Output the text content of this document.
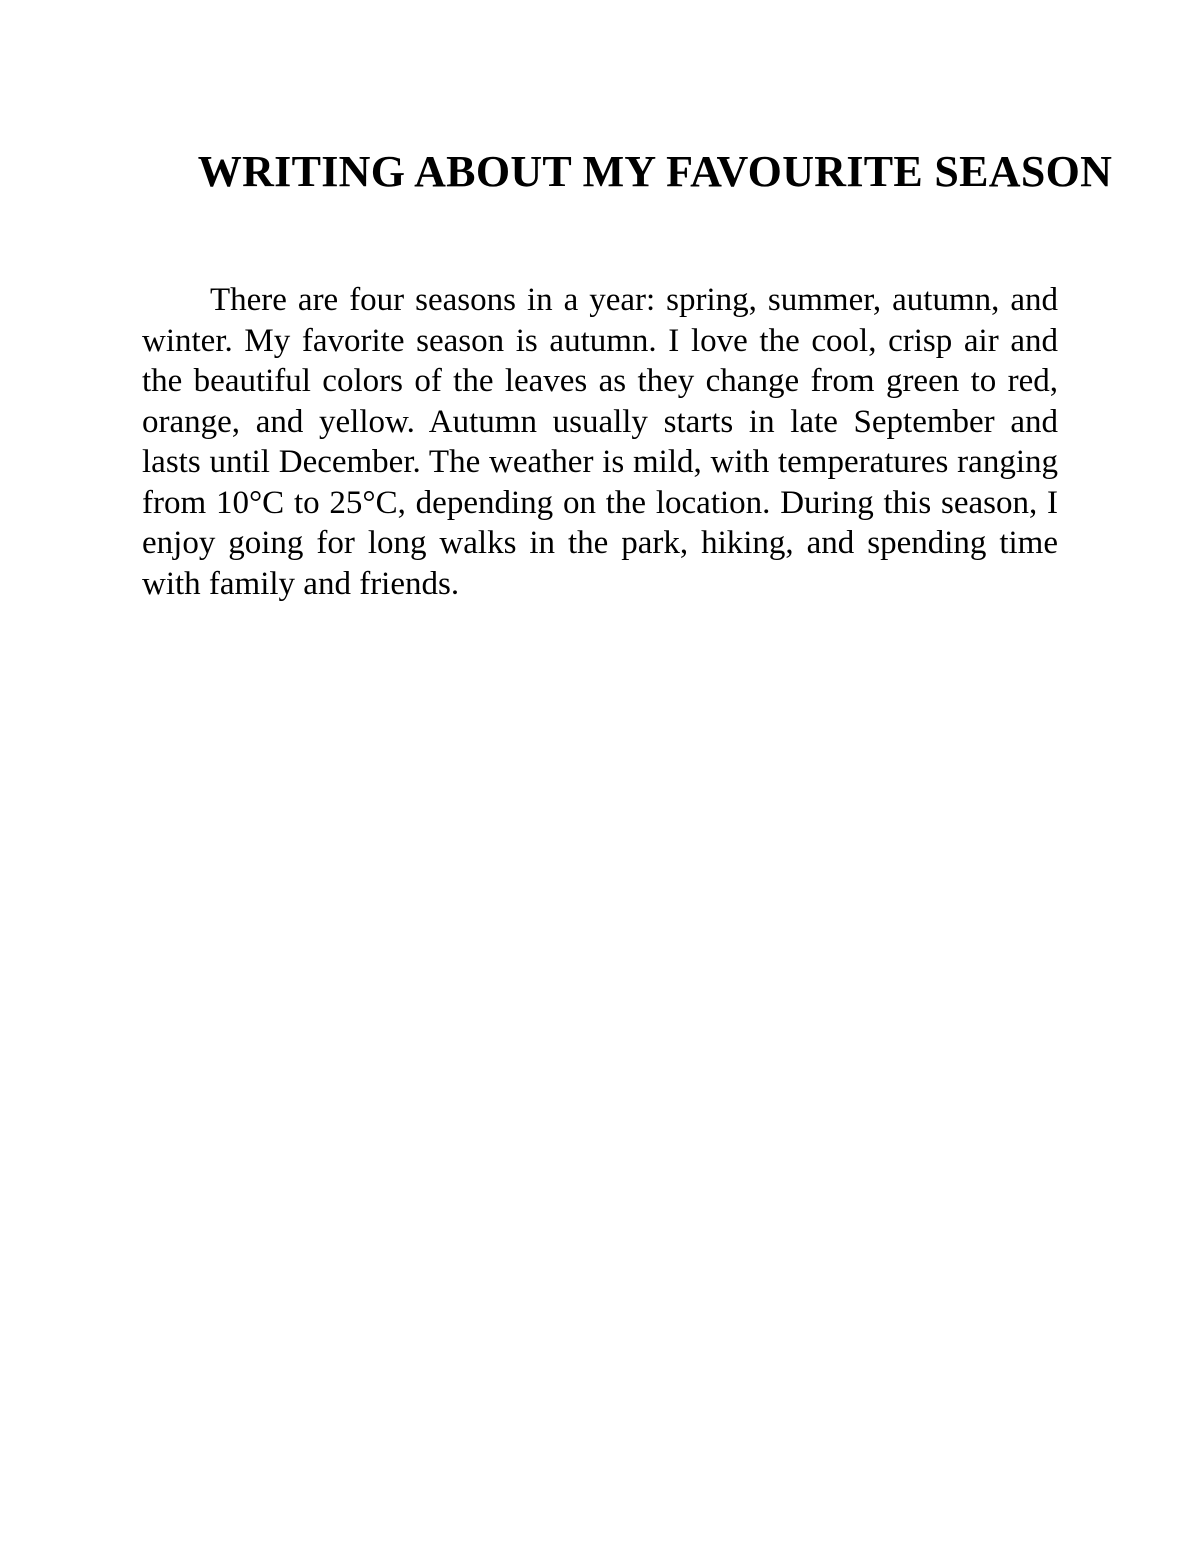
WRITING ABOUT MY FAVOURITE SEASON

There are four seasons in a year: spring, summer, autumn, and winter. My favorite season is autumn. I love the cool, crisp air and the beautiful colors of the leaves as they change from green to red, orange, and yellow. Autumn usually starts in late September and lasts until December. The weather is mild, with temperatures ranging from 10°C to 25°C, depending on the location. During this season, I enjoy going for long walks in the park, hiking, and spending time with family and friends.
